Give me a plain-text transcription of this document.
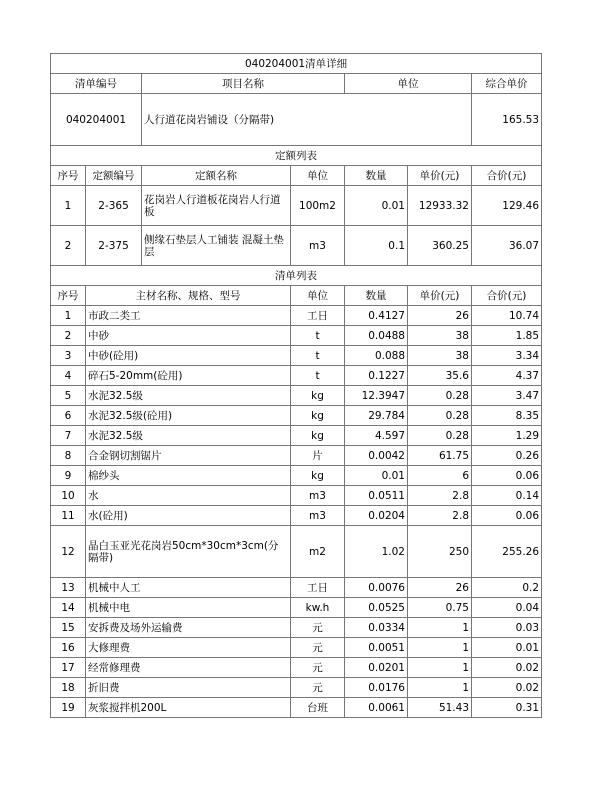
040204001清单详细						
清单编号		项目名称		单位		综合单价
040204001		人行道花岗岩铺设（分隔带)				165.53
定额列表						
序号	定额编号	定额名称	单位	数量	单价(元)	合价(元)
1	2-365	花岗岩人行道板花岗岩人行道板	100m2	0.01	12933.32	129.46
2	2-375	侧缘石垫层人工铺装 混凝土垫层	m3	0.1	360.25	36.07
清单列表						
序号	主材名称、规格、型号		单位	数量	单价(元)	合价(元)
1	市政二类工		工日	0.4127	26	10.74
2	中砂		t	0.0488	38	1.85
3	中砂(砼用)		t	0.088	38	3.34
4	碎石5-20mm(砼用)		t	0.1227	35.6	4.37
5	水泥32.5级		kg	12.3947	0.28	3.47
6	水泥32.5级(砼用)		kg	29.784	0.28	8.35
7	水泥32.5级		kg	4.597	0.28	1.29
8	合金钢切割锯片		片	0.0042	61.75	0.26
9	棉纱头		kg	0.01	6	0.06
10	水		m3	0.0511	2.8	0.14
11	水(砼用)		m3	0.0204	2.8	0.06
12	晶白玉亚光花岗岩50cm*30cm*3cm(分隔带)		m2	1.02	250	255.26
13	机械中人工		工日	0.0076	26	0.2
14	机械中电		kw.h	0.0525	0.75	0.04
15	安拆费及场外运输费		元	0.0334	1	0.03
16	大修理费		元	0.0051	1	0.01
17	经常修理费		元	0.0201	1	0.02
18	折旧费		元	0.0176	1	0.02
19	灰浆搅拌机200L		台班	0.0061	51.43	0.31
